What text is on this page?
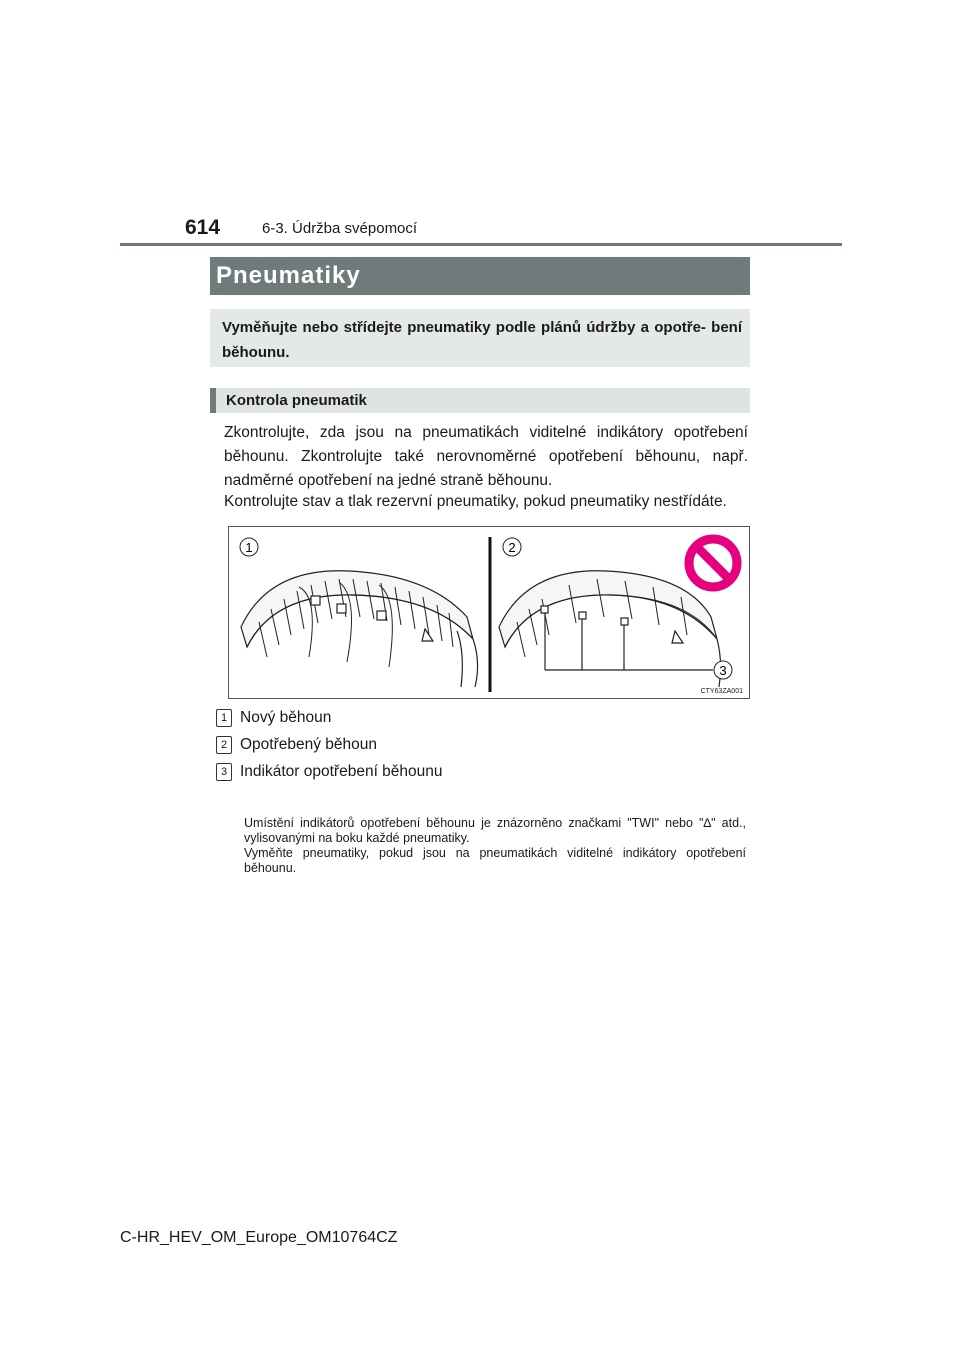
614	6-3. Údržba svépomocí
Pneumatiky
Vyměňujte nebo střídejte pneumatiky podle plánů údržby a opotře- bení běhounu.
Kontrola pneumatik

Zkontrolujte, zda jsou na pneumatikách viditelné indikátory opotřebení běhounu. Zkontrolujte také nerovnoměrné opotřebení běhounu, např. nadměrné opotřebení na jedné straně běhounu.

Kontrolujte stav a tlak rezervní pneumatiky, pokud pneumatiky nestřídáte.

1	2
3
CTY63ZA001
1 Nový běhoun
2 Opotřebený běhoun
3 Indikátor opotřebení běhounu

Umístění indikátorů opotřebení běhounu je znázorněno značkami "TWI" nebo "∆" atd., vylisovanými na boku každé pneumatiky.
Vyměňte pneumatiky, pokud jsou na pneumatikách viditelné indikátory opotřebení běhounu.

C-HR_HEV_OM_Europe_OM10764CZ
